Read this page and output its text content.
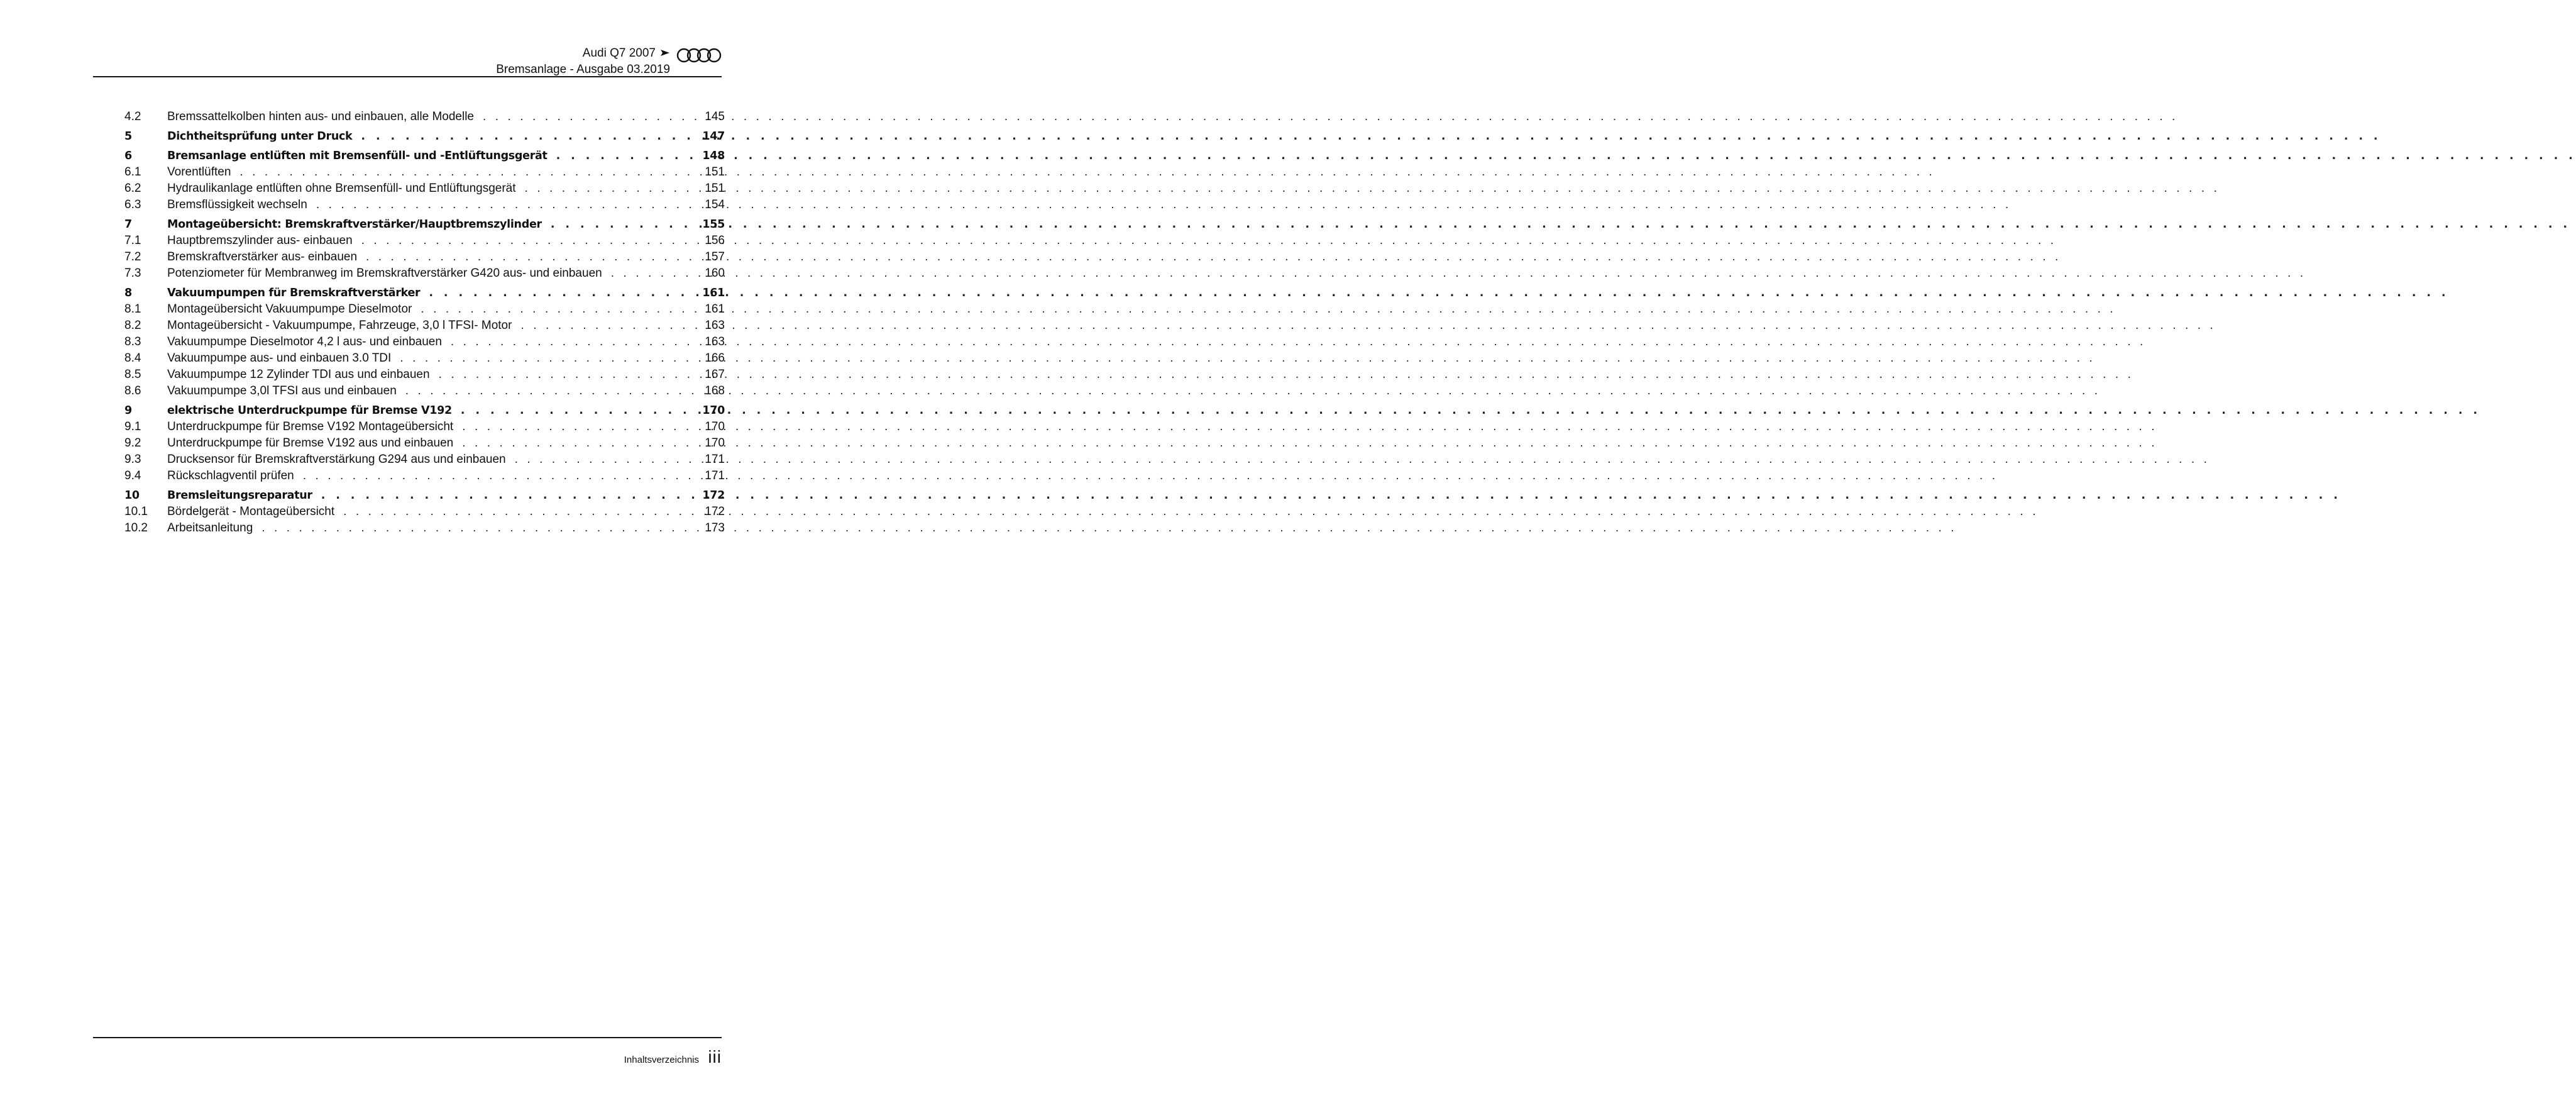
Audi Q7 2007
Bremsanlage - Ausgabe 03.2019
4.2	Bremssattelkolben hinten aus- und einbauen, alle Modelle . . .	145
5	Dichtheitsprüfung unter Druck . . .	147
6	Bremsanlage entlüften mit Bremsenfüll- und -Entlüftungsgerät . . .	148
6.1	Vorentlüften . . .	151
6.2	Hydraulikanlage entlüften ohne Bremsenfüll- und Entlüftungsgerät . . .	151
6.3	Bremsflüssigkeit wechseln . . .	154
7	Montageübersicht: Bremskraftverstärker/Hauptbremszylinder . . .	155
7.1	Hauptbremszylinder aus- einbauen . . .	156
7.2	Bremskraftverstärker aus- einbauen . . .	157
7.3	Potenziometer für Membranweg im Bremskraftverstärker G420 aus- und einbauen . . .	160
8	Vakuumpumpen für Bremskraftverstärker . . .	161
8.1	Montageübersicht Vakuumpumpe Dieselmotor . . .	161
8.2	Montageübersicht - Vakuumpumpe, Fahrzeuge, 3,0 l TFSI- Motor . . .	163
8.3	Vakuumpumpe Dieselmotor 4,2 l aus- und einbauen . . .	163
8.4	Vakuumpumpe aus- und einbauen 3.0 TDI . . .	166
8.5	Vakuumpumpe 12 Zylinder TDI aus und einbauen . . .	167
8.6	Vakuumpumpe 3,0l TFSI aus und einbauen . . .	168
9	elektrische Unterdruckpumpe für Bremse V192 . . .	170
9.1	Unterdruckpumpe für Bremse V192 Montageübersicht . . .	170
9.2	Unterdruckpumpe für Bremse V192 aus und einbauen . . .	170
9.3	Drucksensor für Bremskraftverstärkung G294 aus und einbauen . . .	171
9.4	Rückschlagventil prüfen . . .	171
10	Bremsleitungsreparatur . . .	172
10.1	Bördelgerät - Montageübersicht . . .	172
10.2	Arbeitsanleitung . . .	173
Inhaltsverzeichnis iii
